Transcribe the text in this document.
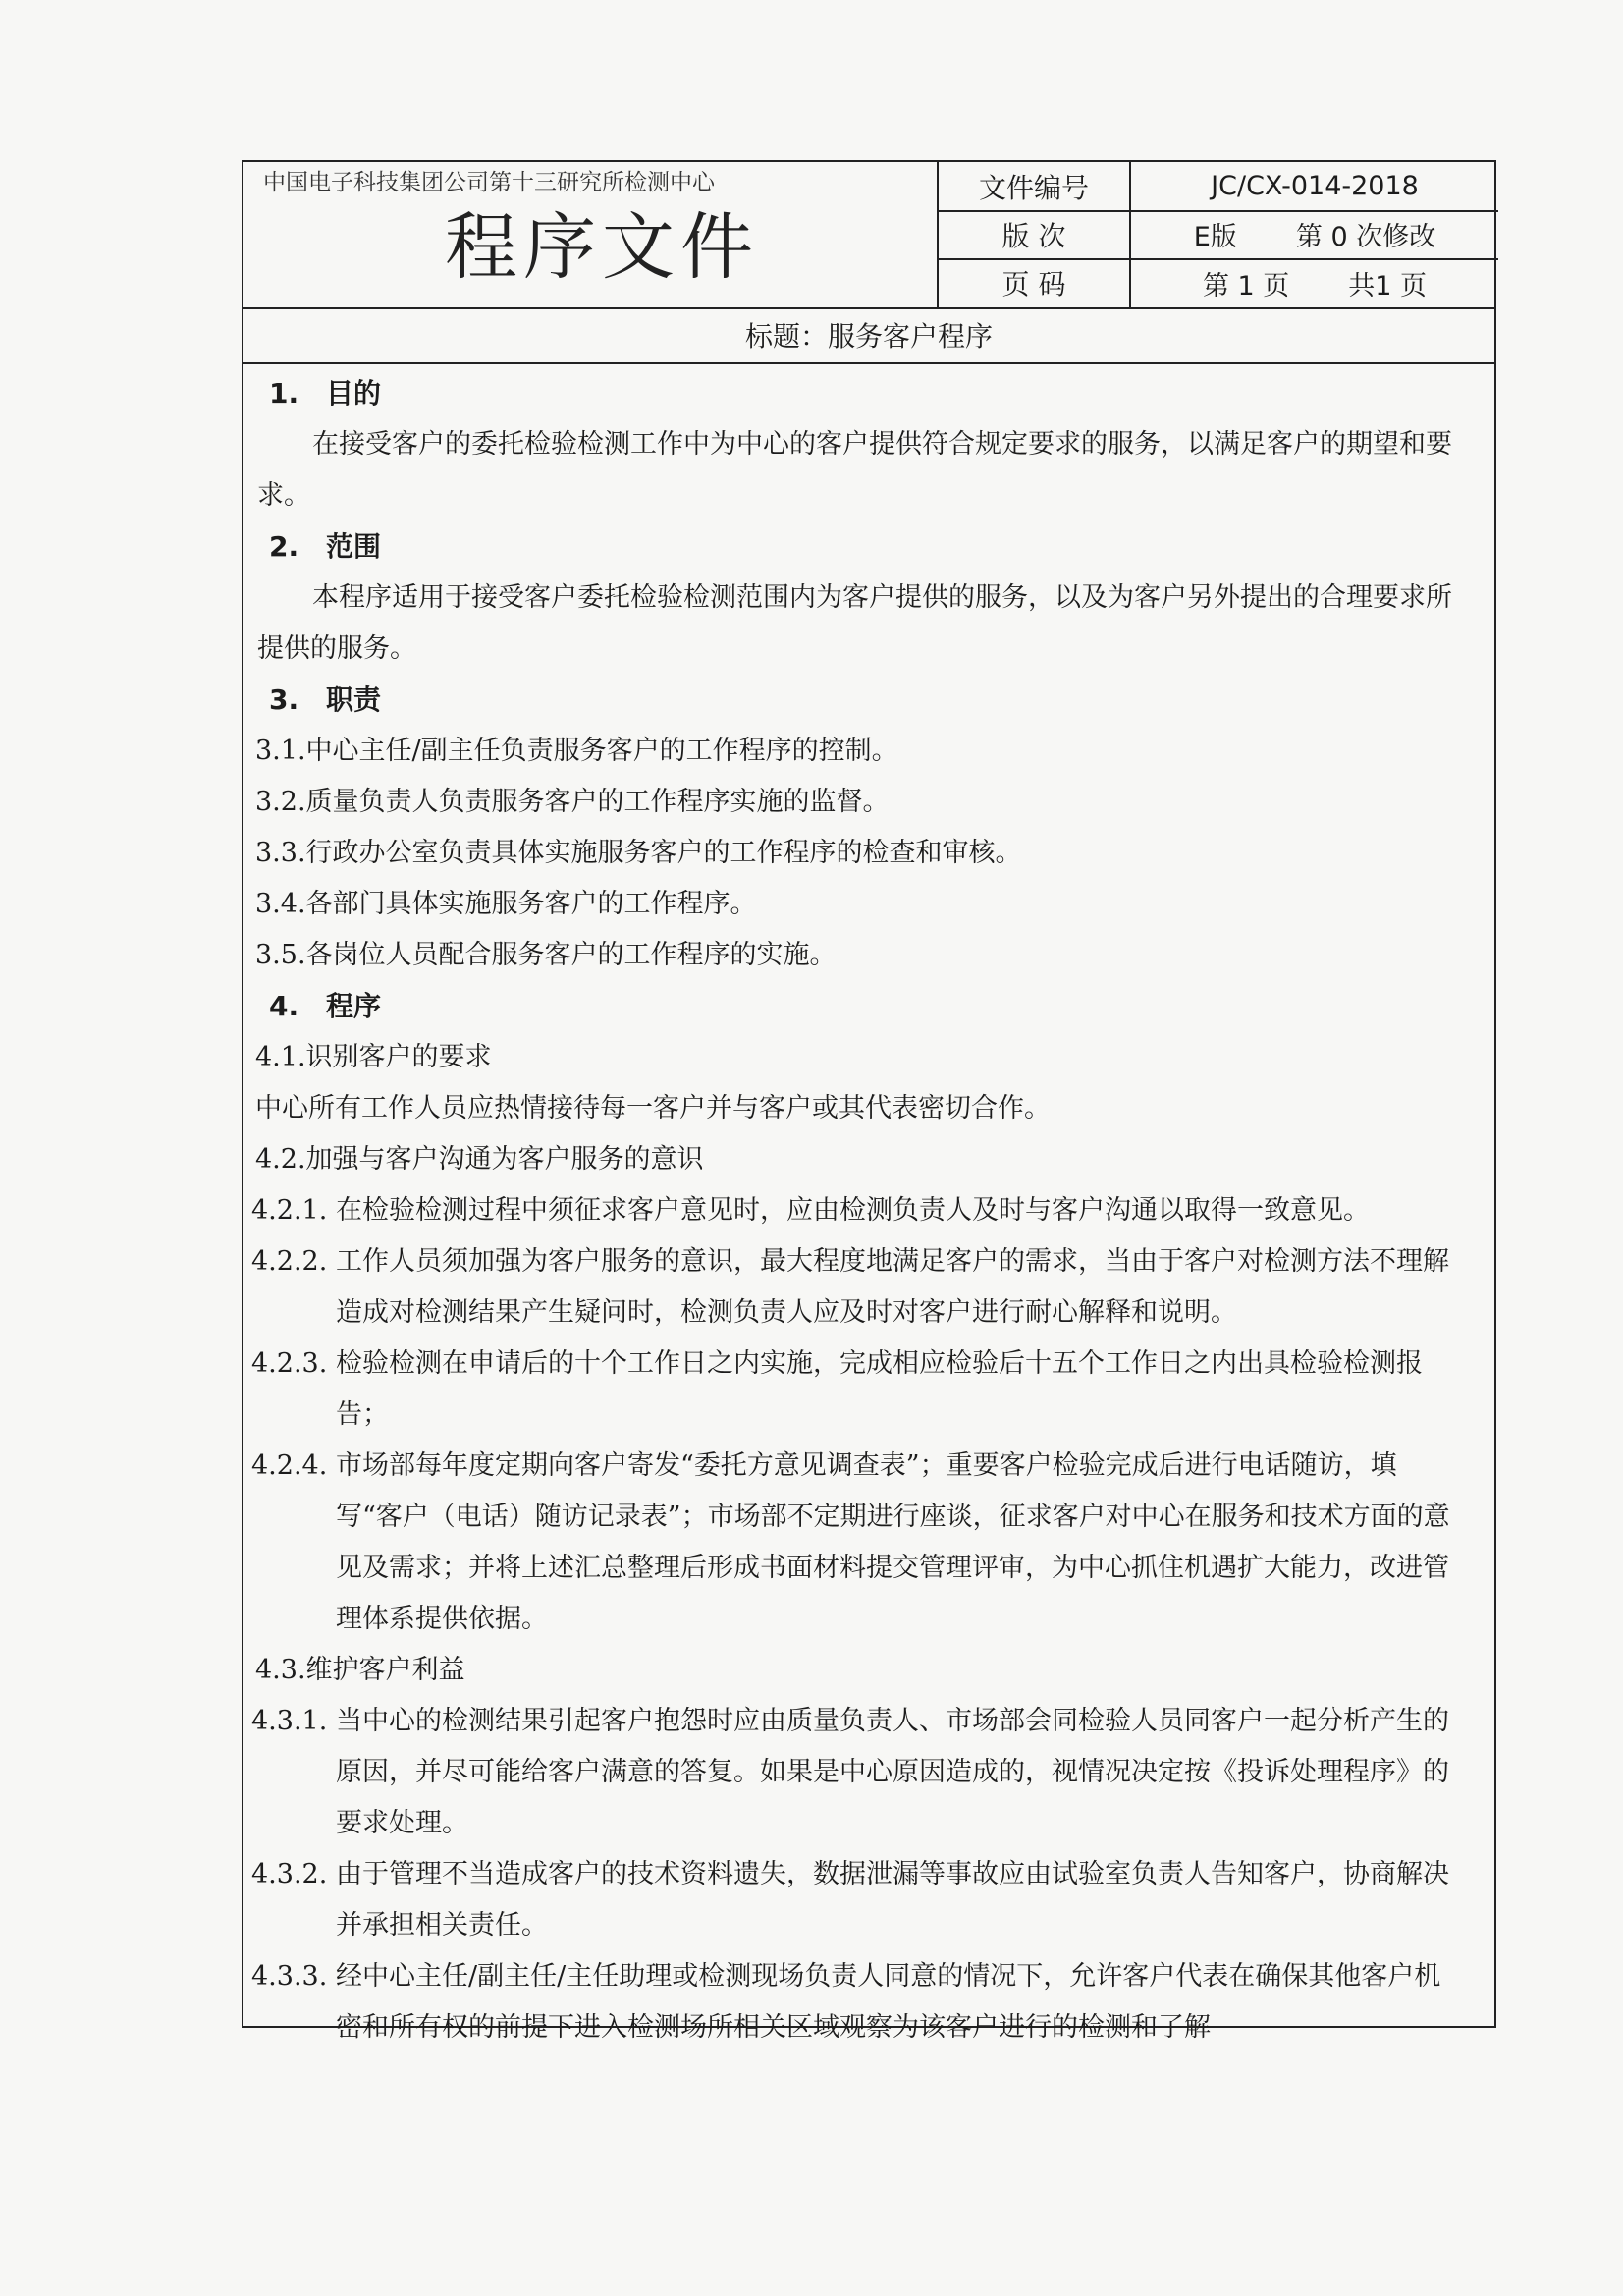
中国电子科技集团公司第十三研究所检测中心
程序文件
文件编号	JC/CX-014-2018
版 次	E版 第 0 次修改
页 码	第 1 页 共1 页
标题：服务客户程序
1. 目的
在接受客户的委托检验检测工作中为中心的客户提供符合规定要求的服务，以满足客户的期望和要求。
2. 范围
本程序适用于接受客户委托检验检测范围内为客户提供的服务，以及为客户另外提出的合理要求所提供的服务。
3. 职责
3.1.中心主任/副主任负责服务客户的工作程序的控制。
3.2.质量负责人负责服务客户的工作程序实施的监督。
3.3.行政办公室负责具体实施服务客户的工作程序的检查和审核。
3.4.各部门具体实施服务客户的工作程序。
3.5.各岗位人员配合服务客户的工作程序的实施。
4. 程序
4.1.识别客户的要求
中心所有工作人员应热情接待每一客户并与客户或其代表密切合作。
4.2.加强与客户沟通为客户服务的意识
4.2.1. 在检验检测过程中须征求客户意见时，应由检测负责人及时与客户沟通以取得一致意见。
4.2.2. 工作人员须加强为客户服务的意识，最大程度地满足客户的需求，当由于客户对检测方法不理解造成对检测结果产生疑问时，检测负责人应及时对客户进行耐心解释和说明。
4.2.3. 检验检测在申请后的十个工作日之内实施，完成相应检验后十五个工作日之内出具检验检测报告；
4.2.4. 市场部每年度定期向客户寄发“委托方意见调查表”；重要客户检验完成后进行电话随访，填写“客户（电话）随访记录表”；市场部不定期进行座谈，征求客户对中心在服务和技术方面的意见及需求；并将上述汇总整理后形成书面材料提交管理评审，为中心抓住机遇扩大能力，改进管理体系提供依据。
4.3.维护客户利益
4.3.1. 当中心的检测结果引起客户抱怨时应由质量负责人、市场部会同检验人员同客户一起分析产生的原因，并尽可能给客户满意的答复。如果是中心原因造成的，视情况决定按《投诉处理程序》的要求处理。
4.3.2. 由于管理不当造成客户的技术资料遗失，数据泄漏等事故应由试验室负责人告知客户，协商解决并承担相关责任。
4.3.3. 经中心主任/副主任/主任助理或检测现场负责人同意的情况下，允许客户代表在确保其他客户机密和所有权的前提下进入检测场所相关区域观察为该客户进行的检测和了解
